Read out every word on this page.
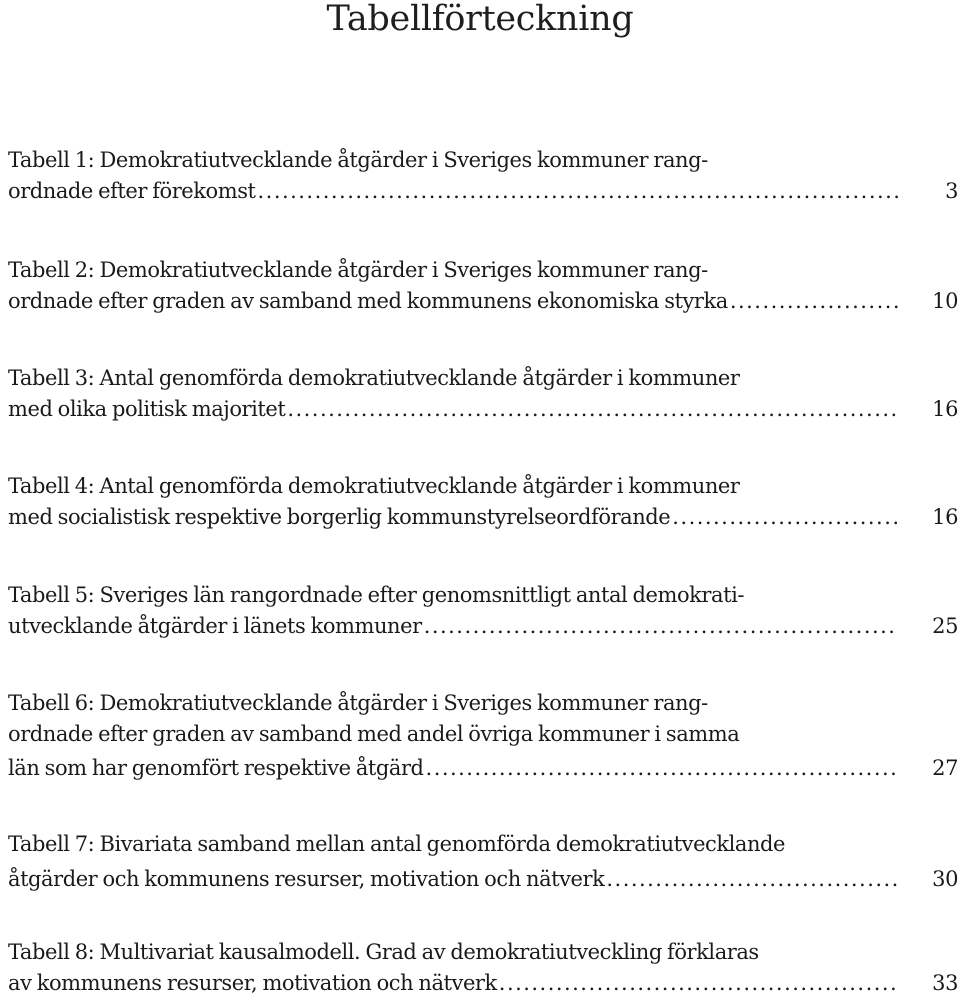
Tabellförteckning
Tabell 1: Demokratiutvecklande åtgärder i Sveriges kommuner rang-
ordnade efter förekomst . . .	3
Tabell 2: Demokratiutvecklande åtgärder i Sveriges kommuner rang-
ordnade efter graden av samband med kommunens ekonomiska styrka . . .	10
Tabell 3: Antal genomförda demokratiutvecklande åtgärder i kommuner
med olika politisk majoritet . . .	16
Tabell 4: Antal genomförda demokratiutvecklande åtgärder i kommuner
med socialistisk respektive borgerlig kommunstyrelseordförande . . .	16
Tabell 5: Sveriges län rangordnade efter genomsnittligt antal demokrati-
utvecklande åtgärder i länets kommuner . . .	25
Tabell 6: Demokratiutvecklande åtgärder i Sveriges kommuner rang-
ordnade efter graden av samband med andel övriga kommuner i samma
län som har genomfört respektive åtgärd . . .	27
Tabell 7: Bivariata samband mellan antal genomförda demokratiutvecklande
åtgärder och kommunens resurser, motivation och nätverk . . .	30
Tabell 8: Multivariat kausalmodell. Grad av demokratiutveckling förklaras
av kommunens resurser, motivation och nätverk . . .	33
